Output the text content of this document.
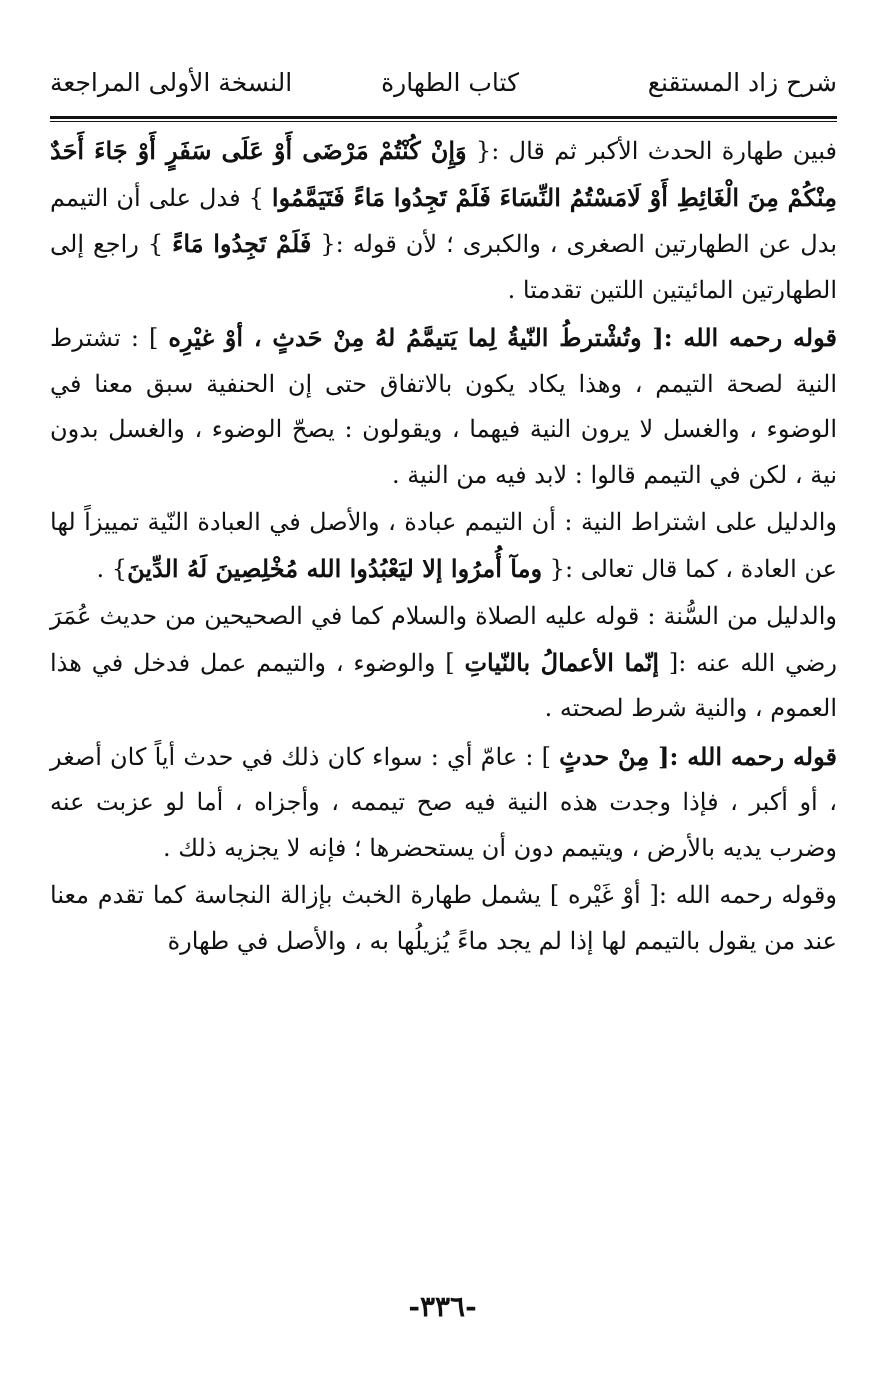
شرح زاد المستقنع
كتاب الطهارة
النسخة الأولى المراجعة

فبين طهارة الحدث الأكبر ثم قال :{ وَإِنْ كُنْتُمْ مَرْضَى أَوْ عَلَى سَفَرٍ أَوْ جَاءَ أَحَدٌ مِنْكُمْ مِنَ الْغَائِطِ أَوْ لَامَسْتُمُ النِّسَاءَ فَلَمْ تَجِدُوا مَاءً فَتَيَمَّمُوا } فدل على أن التيمم بدل عن الطهارتين الصغرى ، والكبرى ؛ لأن قوله :{ فَلَمْ تَجِدُوا مَاءً } راجع إلى الطهارتين المائيتين اللتين تقدمتا .

قوله رحمه الله :[ وتُشْترطُ النّيةُ لِما يَتيمَّمُ لهُ مِنْ حَدثٍ ، أوْ غيْرِه ] : تشترط النية لصحة التيمم ، وهذا يكاد يكون بالاتفاق حتى إن الحنفية سبق معنا في الوضوء ، والغسل لا يرون النية فيهما ، ويقولون : يصحّ الوضوء ، والغسل بدون نية ، لكن في التيمم قالوا : لابد فيه من النية .

والدليل على اشتراط النية : أن التيمم عبادة ، والأصل في العبادة النّية تمييزاً لها عن العادة ، كما قال تعالى :{ ومآ أُمرُوا إلا ليَعْبُدُوا الله مُخْلِصِينَ لَهُ الدِّينَ} .

والدليل من السُّنة : قوله عليه الصلاة والسلام كما في الصحيحين من حديث عُمَرَ رضي الله عنه :[ إنّما الأعمالُ بالنّياتِ ] والوضوء ، والتيمم عمل فدخل في هذا العموم ، والنية شرط لصحته .

قوله رحمه الله :[ مِنْ حدثٍ ] : عامّ أي : سواء كان ذلك في حدث أياً كان أصغر ، أو أكبر ، فإذا وجدت هذه النية فيه صح تيممه ، وأجزاه ، أما لو عزبت عنه وضرب يديه بالأرض ، ويتيمم دون أن يستحضرها ؛ فإنه لا يجزيه ذلك .

وقوله رحمه الله :[ أوْ غَيْره ] يشمل طهارة الخبث بإزالة النجاسة كما تقدم معنا عند من يقول بالتيمم لها إذا لم يجد ماءً يُزيلُها به ، والأصل في طهارة

-٣٣٦-
